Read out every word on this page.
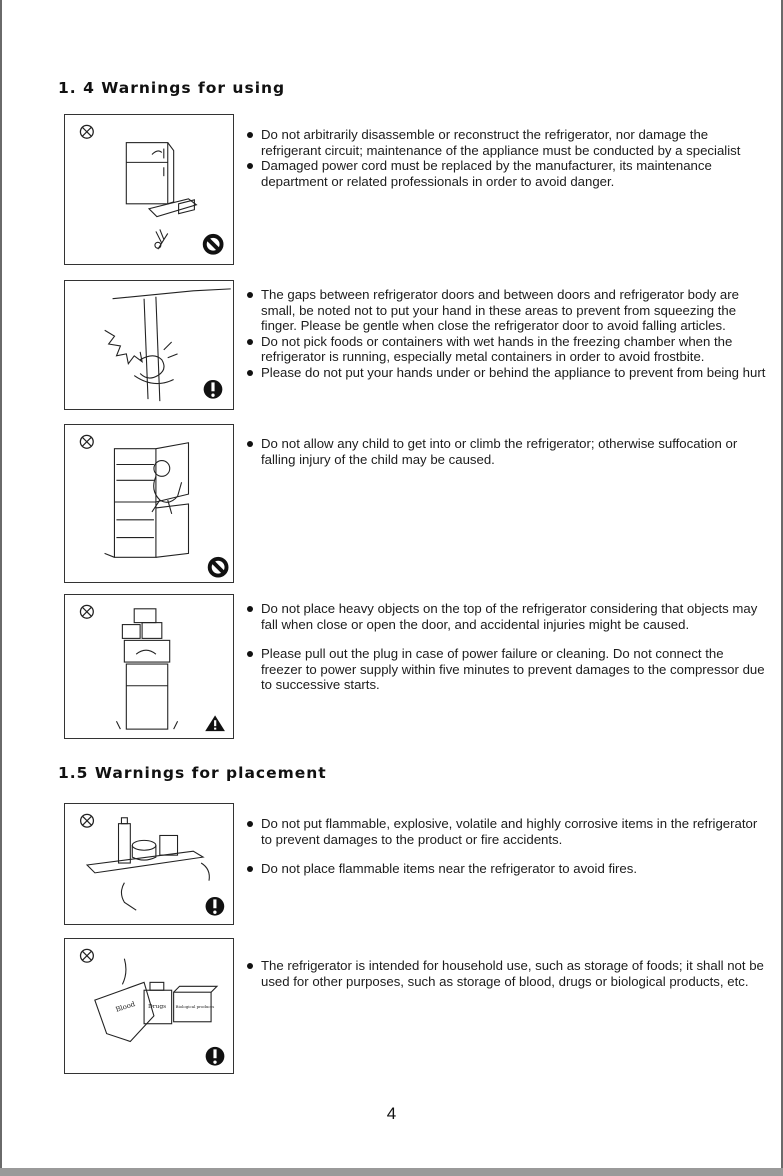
1. 4 Warnings for using

Do not arbitrarily disassemble or reconstruct the refrigerator, nor damage the refrigerant circuit; maintenance of the appliance must be conducted by a specialist

Damaged power cord must be replaced by the manufacturer, its maintenance department or related professionals in order to avoid danger.

The gaps between refrigerator doors and between doors and refrigerator body are small, be noted not to put your hand in these areas to prevent from squeezing the finger. Please be gentle when close the refrigerator door to avoid falling articles.

Do not pick foods or containers with wet hands in the freezing chamber when the refrigerator is running, especially metal containers in order to avoid frostbite.

Please do not put your hands under or behind the appliance to prevent from being hurt

Do not allow any child to get into or climb the refrigerator; otherwise suffocation or falling injury of the child may be caused.

Do not place heavy objects on the top of the refrigerator considering that objects may fall when close or open the door, and accidental injuries might be caused.

Please pull out the plug in case of power failure or cleaning. Do not connect the freezer to power supply within five minutes to prevent damages to the compressor due to successive starts.

1.5 Warnings for placement

Do not put flammable, explosive, volatile and highly corrosive items in the refrigerator to prevent damages to the product or fire accidents.

Do not place flammable items near the refrigerator to avoid fires.

Blood Drugs Biological products

The refrigerator is intended for household use, such as storage of foods; it shall not be used for other purposes, such as storage of blood, drugs or biological products, etc.

4
